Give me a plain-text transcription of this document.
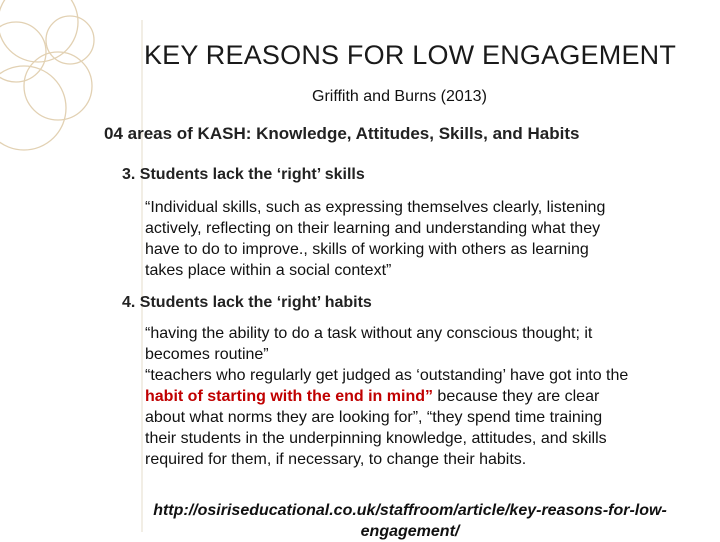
KEY REASONS FOR LOW ENGAGEMENT
Griffith and Burns (2013)
04 areas of KASH: Knowledge, Attitudes, Skills, and Habits
3. Students lack the ‘right’ skills
“Individual skills, such as expressing themselves clearly, listening
actively, reflecting on their learning and understanding what they
have to do to improve., skills of working with others as learning
takes place within a social context”
4. Students lack the ‘right’ habits
“having the ability to do a task without any conscious thought; it
becomes routine”
“teachers who regularly get judged as ‘outstanding’ have got into the
habit of starting with the end in mind” because they are clear
about what norms they are looking for”, “they spend time training
their students in the underpinning knowledge, attitudes, and skills
required for them, if necessary, to change their habits.
http://osiriseducational.co.uk/staffroom/article/key-reasons-for-low-
engagement/
